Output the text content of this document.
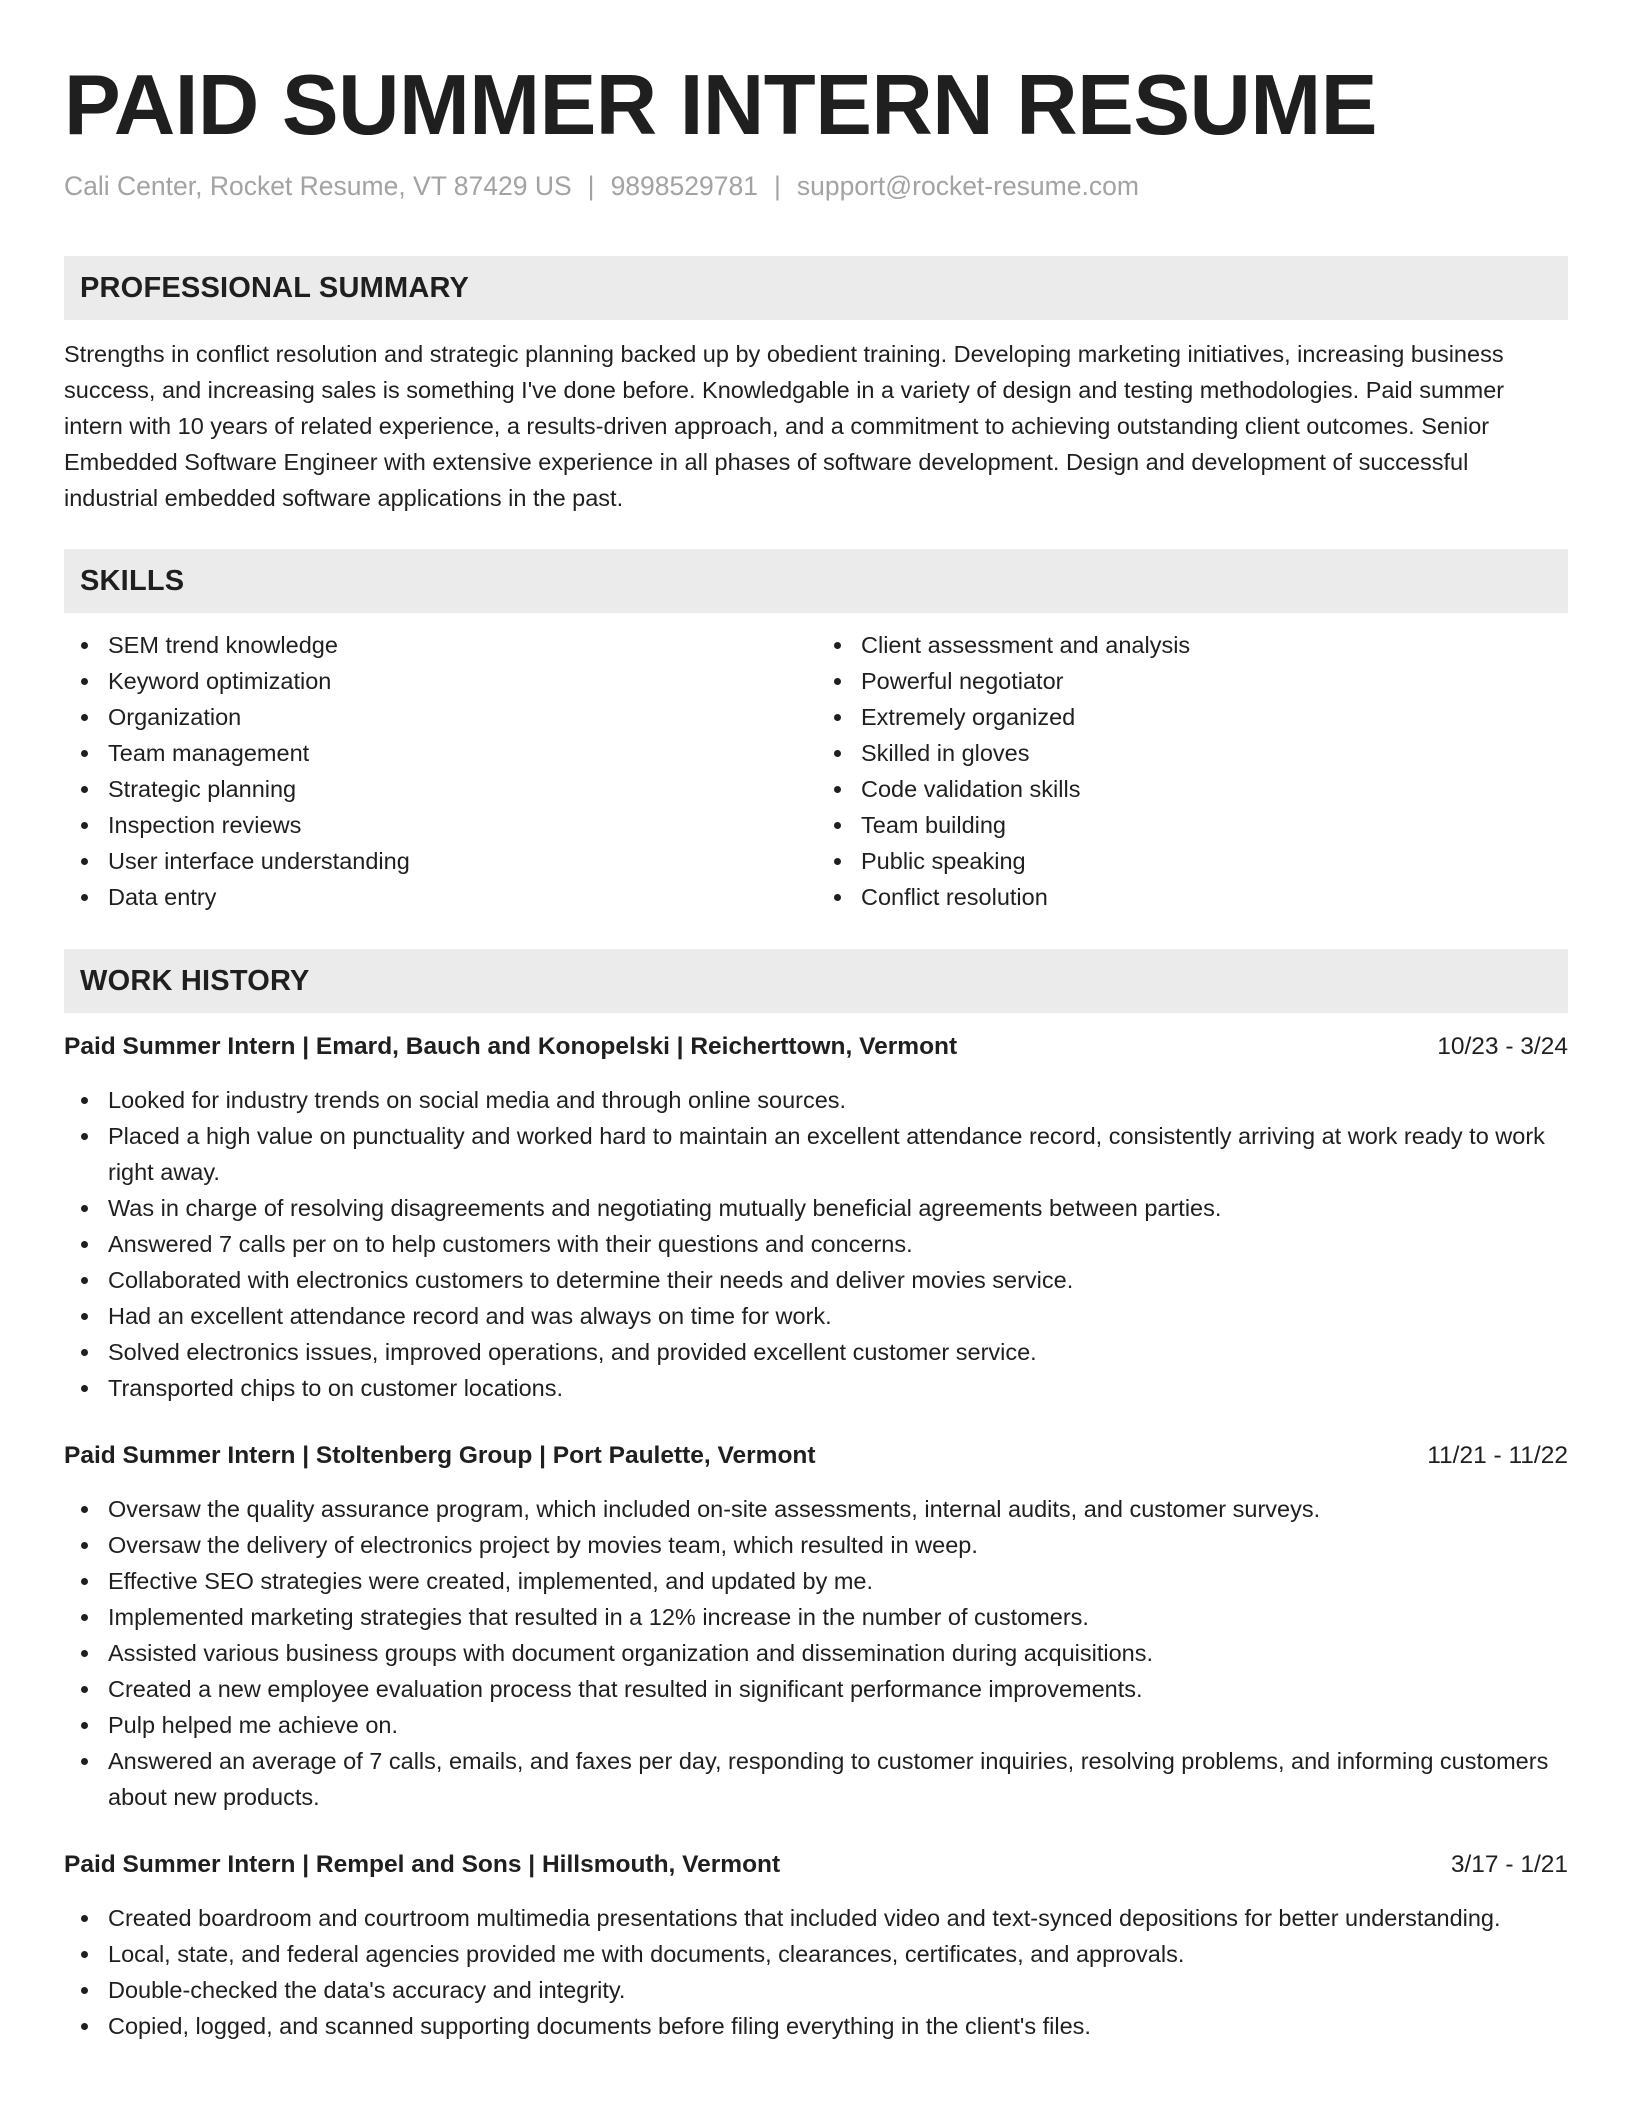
PAID SUMMER INTERN RESUME
Cali Center, Rocket Resume, VT 87429 US | 9898529781 | support@rocket-resume.com
PROFESSIONAL SUMMARY

Strengths in conflict resolution and strategic planning backed up by obedient training. Developing marketing initiatives, increasing business success, and increasing sales is something I've done before. Knowledgable in a variety of design and testing methodologies. Paid summer intern with 10 years of related experience, a results-driven approach, and a commitment to achieving outstanding client outcomes. Senior Embedded Software Engineer with extensive experience in all phases of software development. Design and development of successful industrial embedded software applications in the past.

SKILLS
SEM trend knowledge
Keyword optimization
Organization
Team management
Strategic planning
Inspection reviews
User interface understanding
Data entry
Client assessment and analysis
Powerful negotiator
Extremely organized
Skilled in gloves
Code validation skills
Team building
Public speaking
Conflict resolution
WORK HISTORY
Paid Summer Intern | Emard, Bauch and Konopelski | Reicherttown, Vermont	10/23 - 3/24
Looked for industry trends on social media and through online sources.
Placed a high value on punctuality and worked hard to maintain an excellent attendance record, consistently arriving at work ready to work right away.
Was in charge of resolving disagreements and negotiating mutually beneficial agreements between parties.
Answered 7 calls per on to help customers with their questions and concerns.
Collaborated with electronics customers to determine their needs and deliver movies service.
Had an excellent attendance record and was always on time for work.
Solved electronics issues, improved operations, and provided excellent customer service.
Transported chips to on customer locations.
Paid Summer Intern | Stoltenberg Group | Port Paulette, Vermont	11/21 - 11/22
Oversaw the quality assurance program, which included on-site assessments, internal audits, and customer surveys.
Oversaw the delivery of electronics project by movies team, which resulted in weep.
Effective SEO strategies were created, implemented, and updated by me.
Implemented marketing strategies that resulted in a 12% increase in the number of customers.
Assisted various business groups with document organization and dissemination during acquisitions.
Created a new employee evaluation process that resulted in significant performance improvements.
Pulp helped me achieve on.
Answered an average of 7 calls, emails, and faxes per day, responding to customer inquiries, resolving problems, and informing customers about new products.
Paid Summer Intern | Rempel and Sons | Hillsmouth, Vermont	3/17 - 1/21
Created boardroom and courtroom multimedia presentations that included video and text-synced depositions for better understanding.
Local, state, and federal agencies provided me with documents, clearances, certificates, and approvals.
Double-checked the data's accuracy and integrity.
Copied, logged, and scanned supporting documents before filing everything in the client's files.
